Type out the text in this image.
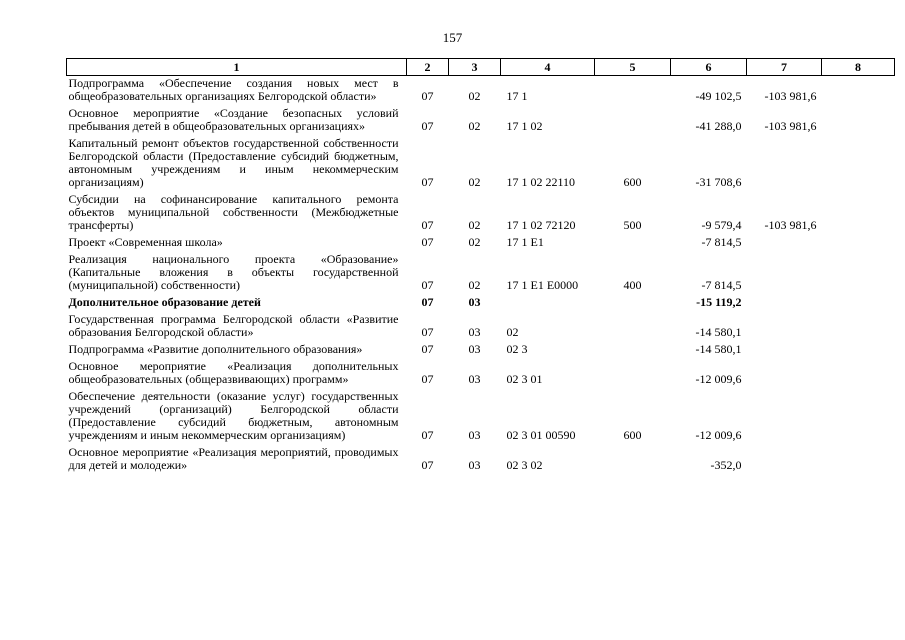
157
1	2	3	4	5	6	7	8
Подпрограмма «Обеспечение создания новых мест в общеобразовательных организациях Белгородской области»	07	02	17 1		-49 102,5	-103 981,6	
Основное мероприятие «Создание безопасных условий пребывания детей в общеобразовательных организациях»	07	02	17 1 02		-41 288,0	-103 981,6	
Капитальный ремонт объектов государственной собственности Белгородской области (Предоставление субсидий бюджетным, автономным учреждениям и иным некоммерческим организациям)	07	02	17 1 02 22110	600	-31 708,6		
Субсидии на софинансирование капитального ремонта объектов муниципальной собственности (Межбюджетные трансферты)	07	02	17 1 02 72120	500	-9 579,4	-103 981,6	
Проект «Современная школа»	07	02	17 1 E1		-7 814,5		
Реализация национального проекта «Образование» (Капитальные вложения в объекты государственной (муниципальной) собственности)	07	02	17 1 E1 E0000	400	-7 814,5		
Дополнительное образование детей	07	03			-15 119,2		
Государственная программа Белгородской области «Развитие образования Белгородской области»	07	03	02		-14 580,1		
Подпрограмма «Развитие дополнительного образования»	07	03	02 3		-14 580,1		
Основное мероприятие «Реализация дополнительных общеобразовательных (общеразвивающих) программ»	07	03	02 3 01		-12 009,6		
Обеспечение деятельности (оказание услуг) государственных учреждений (организаций) Белгородской области (Предоставление субсидий бюджетным, автономным учреждениям и иным некоммерческим организациям)	07	03	02 3 01 00590	600	-12 009,6		
Основное мероприятие «Реализация мероприятий, проводимых для детей и молодежи»	07	03	02 3 02		-352,0		
